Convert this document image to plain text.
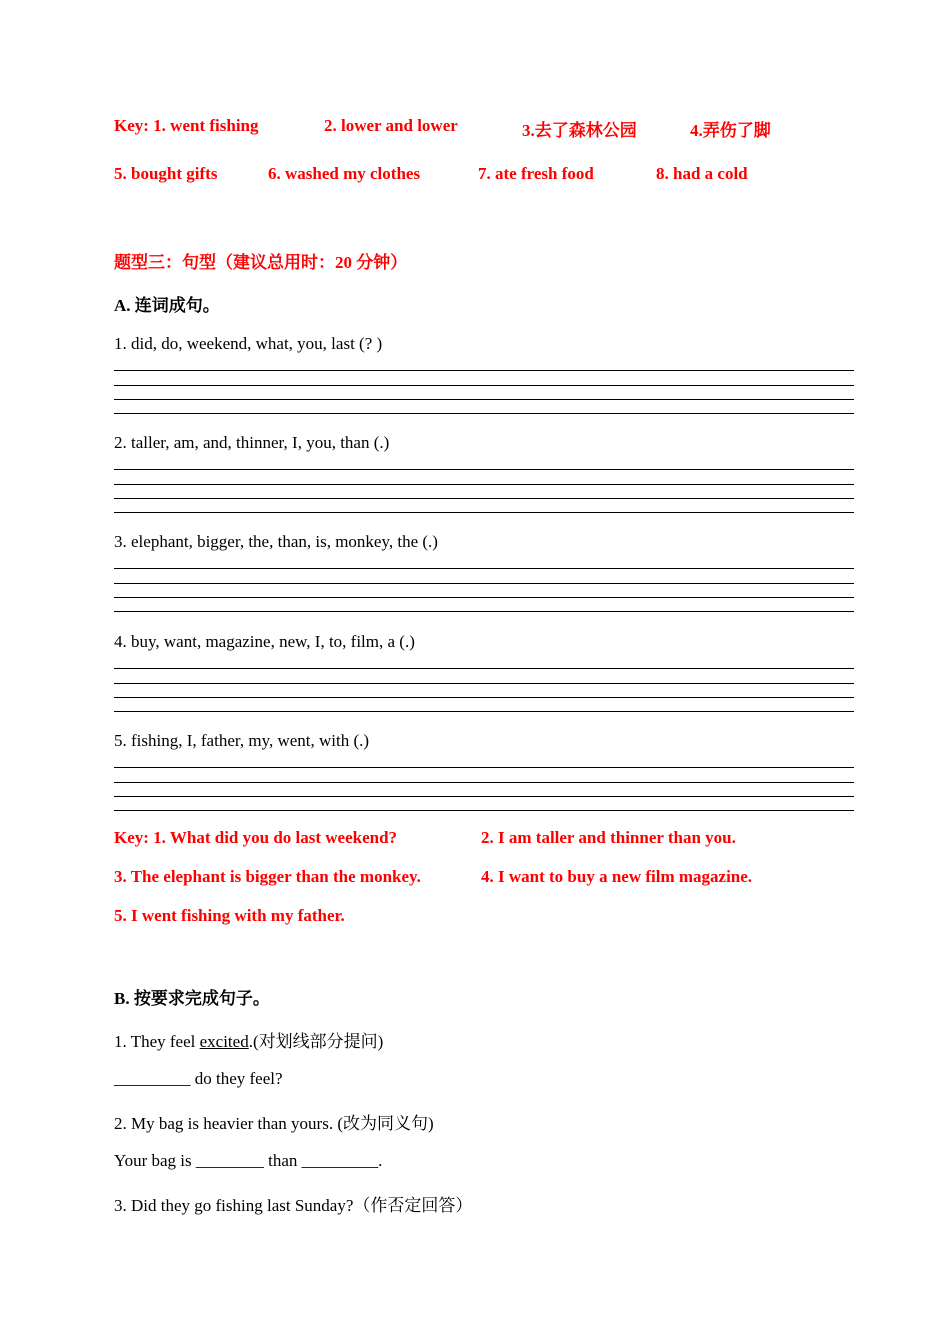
Key: 1. went fishing	2. lower and lower	3.去了森林公园	4.弄伤了脚
5. bought gifts	6. washed my clothes	7. ate fresh food	8. had a cold
题型三：句型（建议总用时：20 分钟）
A. 连词成句。
1. did, do, weekend, what, you, last (? )
2. taller, am, and, thinner, I, you, than (.)
3. elephant, bigger, the, than, is, monkey, the (.)
4. buy, want, magazine, new, I, to, film, a (.)
5. fishing, I, father, my, went, with (.)
Key: 1. What did you do last weekend?	2. I am taller and thinner than you.
3. The elephant is bigger than the monkey.	4. I want to buy a new film magazine.
5. I went fishing with my father.
B. 按要求完成句子。
1. They feel excited.(对划线部分提问)
_________ do they feel?
2. My bag is heavier than yours. (改为同义句)
Your bag is ________ than _________.
3. Did they go fishing last Sunday?（作否定回答）
